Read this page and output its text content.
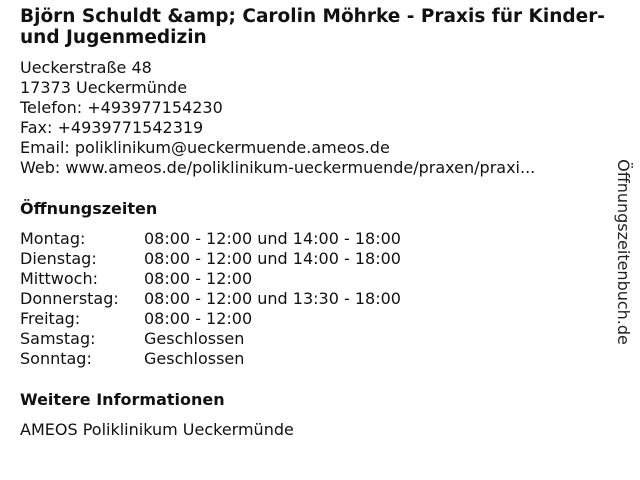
Björn Schuldt &amp; Carolin Möhrke - Praxis für Kinder- und Jugenmedizin
Ueckerstraße 48
17373 Ueckermünde
Telefon: +493977154230
Fax: +4939771542319
Email: poliklinikum@ueckermuende.ameos.de
Web: www.ameos.de/poliklinikum-ueckermuende/praxen/praxi...
Öffnungszeiten
Montag:	08:00 - 12:00 und 14:00 - 18:00
Dienstag:	08:00 - 12:00 und 14:00 - 18:00
Mittwoch:	08:00 - 12:00
Donnerstag:	08:00 - 12:00 und 13:30 - 18:00
Freitag:	08:00 - 12:00
Samstag:	Geschlossen
Sonntag:	Geschlossen
Weitere Informationen
AMEOS Poliklinikum Ueckermünde
Öffnungszeitenbuch.de
